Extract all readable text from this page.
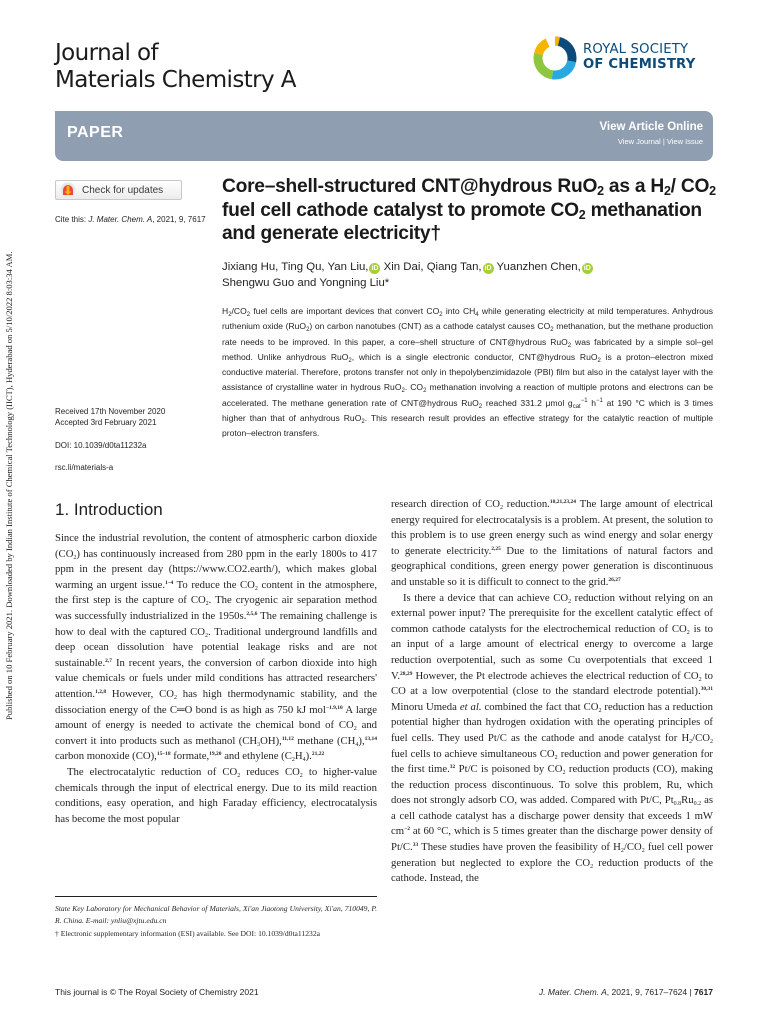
Published on 10 February 2021. Downloaded by Indian Institute of Chemical Technology (IICT), Hyderabad on 5/10/2022 8:03:34 AM.
Journal of
Materials Chemistry A
ROYAL SOCIETY
OF CHEMISTRY
PAPER	View Article Online
View Journal | View Issue
Check for updates
Cite this: J. Mater. Chem. A, 2021, 9, 7617
Received 17th November 2020
Accepted 3rd February 2021
DOI: 10.1039/d0ta11232a
rsc.li/materials-a
Core–shell-structured CNT@hydrous RuO$_2$ as a $H_2/$ $CO_2$ fuel cell cathode catalyst to promote $CO_2$ methanation and generate electricity†
Jixiang Hu, Ting Qu, Yan Liu, iD Xin Dai, Qiang Tan, iD Yuanzhen Chen, iD
Shengwu Guo and Yongning Liu*
$H_2/CO_2$ fuel cells are important devices that convert $CO_2$ into $CH_4$ while generating electricity at mild temperatures. Anhydrous ruthenium oxide (RuO$_2$) on carbon nanotubes (CNT) as a cathode catalyst causes $CO_2$ methanation, but the methane production rate needs to be improved. In this paper, a core–shell structure of CNT@hydrous RuO$_2$ was fabricated by a simple sol–gel method. Unlike anhydrous RuO$_2$, which is a single electronic conductor, CNT@hydrous RuO$_2$ is a proton–electron mixed conductive material. Therefore, protons transfer not only in thepolybenzimidazole (PBI) film but also in the catalyst layer with the assistance of crystalline water in hydrous RuO$_2$. $CO_2$ methanation involving a reaction of multiple protons and electrons can be accelerated. The methane generation rate of CNT@hydrous RuO$_2$ reached 331.2 μmol $g_{cat}^{-1}$ $h^{-1}$ at 190 °C which is 3 times higher than that of anhydrous RuO$_2$. This research result provides an effective strategy for the catalytic reaction of multiple proton–electron transfers.
1. Introduction

Since the industrial revolution, the content of atmospheric carbon dioxide $(CO_2)$ has continuously increased from 280 ppm in the early 1800s to 417 ppm in the present day (https://www.CO2.earth/), which makes global warming an urgent issue.$^{1-4}$ To reduce the $CO_2$ content in the atmosphere, the first step is the capture of $CO_2$. The cryogenic air separation method was successfully industrialized in the 1950s.$^{2,5,6}$ The remaining challenge is how to deal with the captured $CO_2$. Traditional underground landfills and deep ocean dissolution have potential leakage risks and are not sustainable.$^{2,7}$ In recent years, the conversion of carbon dioxide into high value chemicals or fuels under mild conditions has attracted researchers' attention.$^{1,2,8}$ However, $CO_2$ has high thermodynamic stability, and the dissociation energy of the C═O bond is as high as 750 kJ mol$^{-1.9,10}$ A large amount of energy is needed to activate the chemical bond of $CO_2$ and convert it into products such as methanol $(CH_3OH),^{11,12}$ methane $(CH_4),^{13,14}$ carbon monoxide (CO),$^{15-18}$ formate,$^{19,20}$ and ethylene $(C_2H_4).^{21,22}$

The electrocatalytic reduction of $CO_2$ reduces $CO_2$ to higher-value chemicals through the input of electrical energy. Due to its mild reaction conditions, easy operation, and high Faraday efficiency, electrocatalysis has become the most popular

research direction of $CO_2$ reduction.$^{10,21,23,24}$ The large amount of electrical energy required for electrocatalysis is a problem. At present, the solution to this problem is to use green energy such as wind energy and solar energy to generate electricity.$^{2,25}$ Due to the limitations of natural factors and geographical conditions, green energy power generation is discontinuous and unstable so it is difficult to connect to the grid.$^{26,27}$

Is there a device that can achieve $CO_2$ reduction without relying on an external power input? The prerequisite for the excellent catalytic effect of common cathode catalysts for the electrochemical reduction of $CO_2$ is to an input of a large amount of electrical energy to overcome a large reduction overpotential, such as some Cu overpotentials that exceed 1 V.$^{28,29}$ However, the Pt electrode achieves the electrical reduction of $CO_2$ to CO at a low overpotential (close to the standard electrode potential).$^{30,31}$ Minoru Umeda et al. combined the fact that $CO_2$ reduction has a reduction potential higher than hydrogen oxidation with the operating principles of fuel cells. They used Pt/C as the cathode and anode catalyst for $H_2/CO_2$ fuel cells to achieve simultaneous $CO_2$ reduction and power generation for the first time.$^{32}$ Pt/C is poisoned by $CO_2$ reduction products (CO), making the reduction process discontinuous. To solve this problem, Ru, which does not strongly adsorb CO, was added. Compared with Pt/C, $Pt_{0.8}Ru_{0.2}$ as a cell cathode catalyst has a discharge power density that exceeds 1 mW $cm^{-2}$ at 60 °C, which is 5 times greater than the discharge power density of Pt/C.$^{33}$ These studies have proven the feasibility of $H_2/CO_2$ fuel cell power generation but neglected to explore the $CO_2$ reduction products of the cathode. Instead, the

State Key Laboratory for Mechanical Behavior of Materials, Xi'an Jiaotong University, Xi'an, 710049, P. R. China. E-mail: ynliu@xjtu.edu.cn

† Electronic supplementary information (ESI) available. See DOI: 10.1039/d0ta11232a

This journal is © The Royal Society of Chemistry 2021	J. Mater. Chem. A, 2021, 9, 7617–7624 | 7617
